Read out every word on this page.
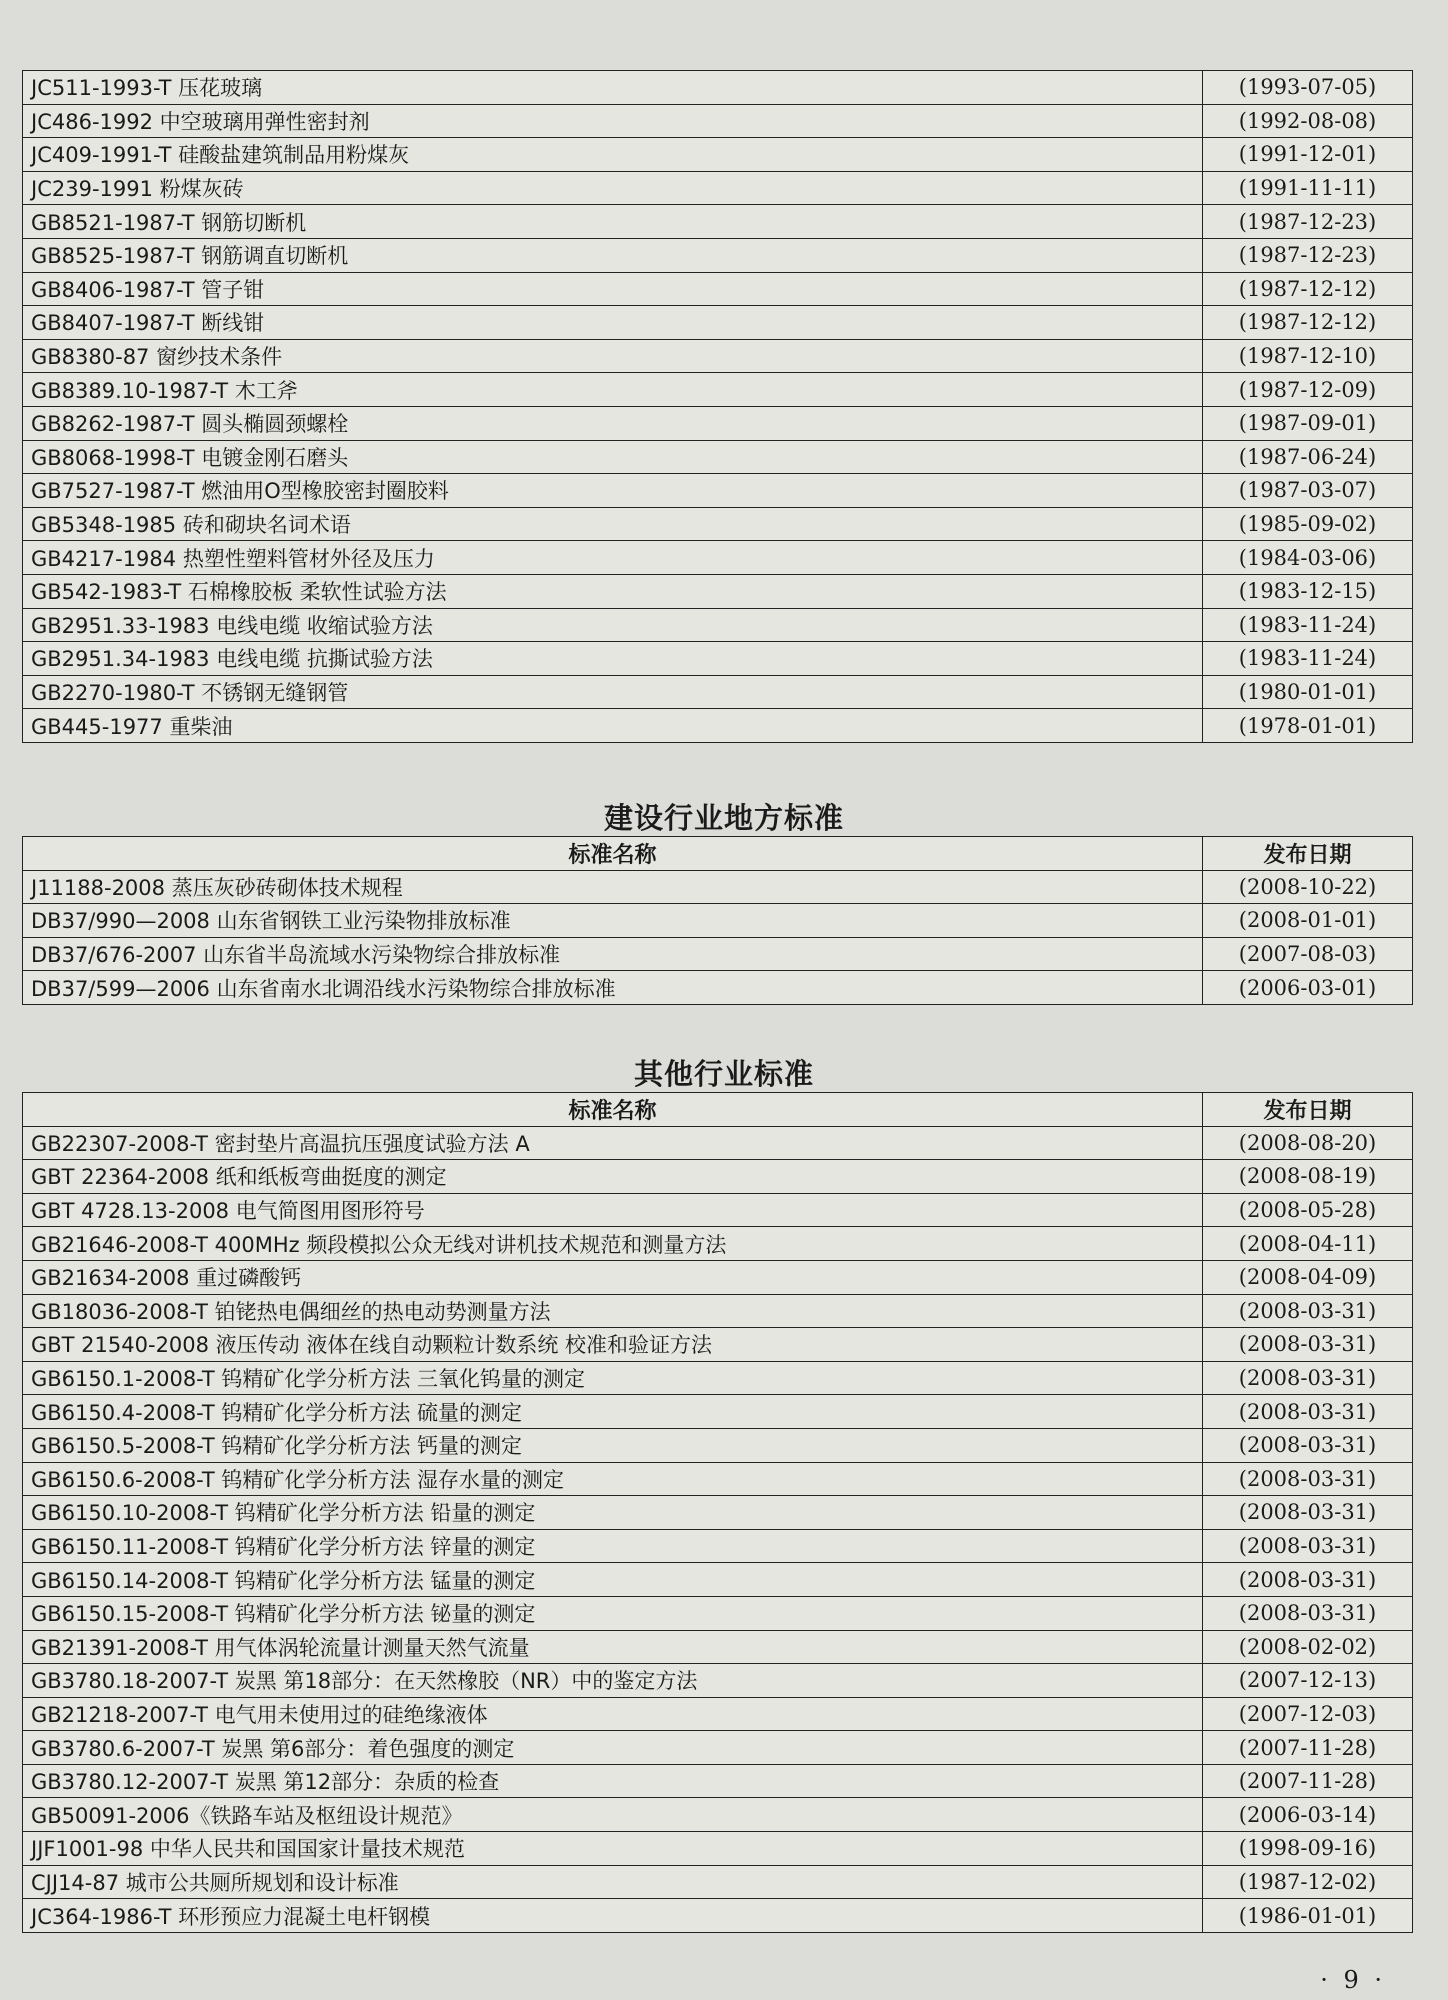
JC511-1993-T 压花玻璃	(1993-07-05)
JC486-1992 中空玻璃用弹性密封剂	(1992-08-08)
JC409-1991-T 硅酸盐建筑制品用粉煤灰	(1991-12-01)
JC239-1991 粉煤灰砖	(1991-11-11)
GB8521-1987-T 钢筋切断机	(1987-12-23)
GB8525-1987-T 钢筋调直切断机	(1987-12-23)
GB8406-1987-T 管子钳	(1987-12-12)
GB8407-1987-T 断线钳	(1987-12-12)
GB8380-87 窗纱技术条件	(1987-12-10)
GB8389.10-1987-T 木工斧	(1987-12-09)
GB8262-1987-T 圆头椭圆颈螺栓	(1987-09-01)
GB8068-1998-T 电镀金刚石磨头	(1987-06-24)
GB7527-1987-T 燃油用O型橡胶密封圈胶料	(1987-03-07)
GB5348-1985 砖和砌块名词术语	(1985-09-02)
GB4217-1984 热塑性塑料管材外径及压力	(1984-03-06)
GB542-1983-T 石棉橡胶板 柔软性试验方法	(1983-12-15)
GB2951.33-1983 电线电缆 收缩试验方法	(1983-11-24)
GB2951.34-1983 电线电缆 抗撕试验方法	(1983-11-24)
GB2270-1980-T 不锈钢无缝钢管	(1980-01-01)
GB445-1977 重柴油	(1978-01-01)
建设行业地方标准
标准名称	发布日期
J11188-2008 蒸压灰砂砖砌体技术规程	(2008-10-22)
DB37/990—2008 山东省钢铁工业污染物排放标准	(2008-01-01)
DB37/676-2007 山东省半岛流域水污染物综合排放标准	(2007-08-03)
DB37/599—2006 山东省南水北调沿线水污染物综合排放标准	(2006-03-01)
其他行业标准
标准名称	发布日期
GB22307-2008-T 密封垫片高温抗压强度试验方法 A	(2008-08-20)
GBT 22364-2008 纸和纸板弯曲挺度的测定	(2008-08-19)
GBT 4728.13-2008 电气简图用图形符号	(2008-05-28)
GB21646-2008-T 400MHz 频段模拟公众无线对讲机技术规范和测量方法	(2008-04-11)
GB21634-2008 重过磷酸钙	(2008-04-09)
GB18036-2008-T 铂铑热电偶细丝的热电动势测量方法	(2008-03-31)
GBT 21540-2008 液压传动 液体在线自动颗粒计数系统 校准和验证方法	(2008-03-31)
GB6150.1-2008-T 钨精矿化学分析方法 三氧化钨量的测定	(2008-03-31)
GB6150.4-2008-T 钨精矿化学分析方法 硫量的测定	(2008-03-31)
GB6150.5-2008-T 钨精矿化学分析方法 钙量的测定	(2008-03-31)
GB6150.6-2008-T 钨精矿化学分析方法 湿存水量的测定	(2008-03-31)
GB6150.10-2008-T 钨精矿化学分析方法 铅量的测定	(2008-03-31)
GB6150.11-2008-T 钨精矿化学分析方法 锌量的测定	(2008-03-31)
GB6150.14-2008-T 钨精矿化学分析方法 锰量的测定	(2008-03-31)
GB6150.15-2008-T 钨精矿化学分析方法 铋量的测定	(2008-03-31)
GB21391-2008-T 用气体涡轮流量计测量天然气流量	(2008-02-02)
GB3780.18-2007-T 炭黑 第18部分：在天然橡胶（NR）中的鉴定方法	(2007-12-13)
GB21218-2007-T 电气用未使用过的硅绝缘液体	(2007-12-03)
GB3780.6-2007-T 炭黑 第6部分：着色强度的测定	(2007-11-28)
GB3780.12-2007-T 炭黑 第12部分：杂质的检查	(2007-11-28)
GB50091-2006《铁路车站及枢纽设计规范》	(2006-03-14)
JJF1001-98 中华人民共和国国家计量技术规范	(1998-09-16)
CJJ14-87 城市公共厕所规划和设计标准	(1987-12-02)
JC364-1986-T 环形预应力混凝土电杆钢模	(1986-01-01)
· 9 ·
